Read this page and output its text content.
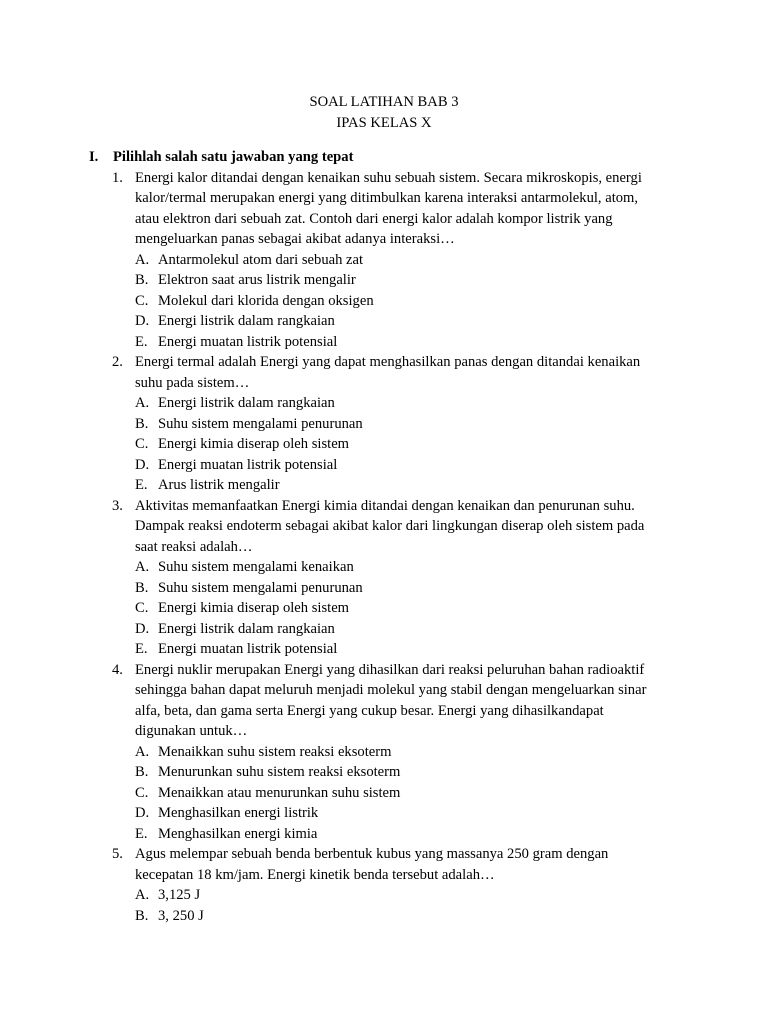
SOAL LATIHAN BAB 3
IPAS KELAS X
I. Pilihlah salah satu jawaban yang tepat
1. Energi kalor ditandai dengan kenaikan suhu sebuah sistem. Secara mikroskopis, energi kalor/termal merupakan energi yang ditimbulkan karena interaksi antarmolekul, atom, atau elektron dari sebuah zat. Contoh dari energi kalor adalah kompor listrik yang mengeluarkan panas sebagai akibat adanya interaksi…
A. Antarmolekul atom dari sebuah zat
B. Elektron saat arus listrik mengalir
C. Molekul dari klorida dengan oksigen
D. Energi listrik dalam rangkaian
E. Energi muatan listrik potensial
2. Energi termal adalah Energi yang dapat menghasilkan panas dengan ditandai kenaikan suhu pada sistem…
A. Energi listrik dalam rangkaian
B. Suhu sistem mengalami penurunan
C. Energi kimia diserap oleh sistem
D. Energi muatan listrik potensial
E. Arus listrik mengalir
3. Aktivitas memanfaatkan Energi kimia ditandai dengan kenaikan dan penurunan suhu. Dampak reaksi endoterm sebagai akibat kalor dari lingkungan diserap oleh sistem pada saat reaksi adalah…
A. Suhu sistem mengalami kenaikan
B. Suhu sistem mengalami penurunan
C. Energi kimia diserap oleh sistem
D. Energi listrik dalam rangkaian
E. Energi muatan listrik potensial
4. Energi nuklir merupakan Energi yang dihasilkan dari reaksi peluruhan bahan radioaktif sehingga bahan dapat meluruh menjadi molekul yang stabil dengan mengeluarkan sinar alfa, beta, dan gama serta Energi yang cukup besar. Energi yang dihasilkandapat digunakan untuk…
A. Menaikkan suhu sistem reaksi eksoterm
B. Menurunkan suhu sistem reaksi eksoterm
C. Menaikkan atau menurunkan suhu sistem
D. Menghasilkan energi listrik
E. Menghasilkan energi kimia
5. Agus melempar sebuah benda berbentuk kubus yang massanya 250 gram dengan kecepatan 18 km/jam. Energi kinetik benda tersebut adalah…
A. 3,125 J
B. 3, 250 J
